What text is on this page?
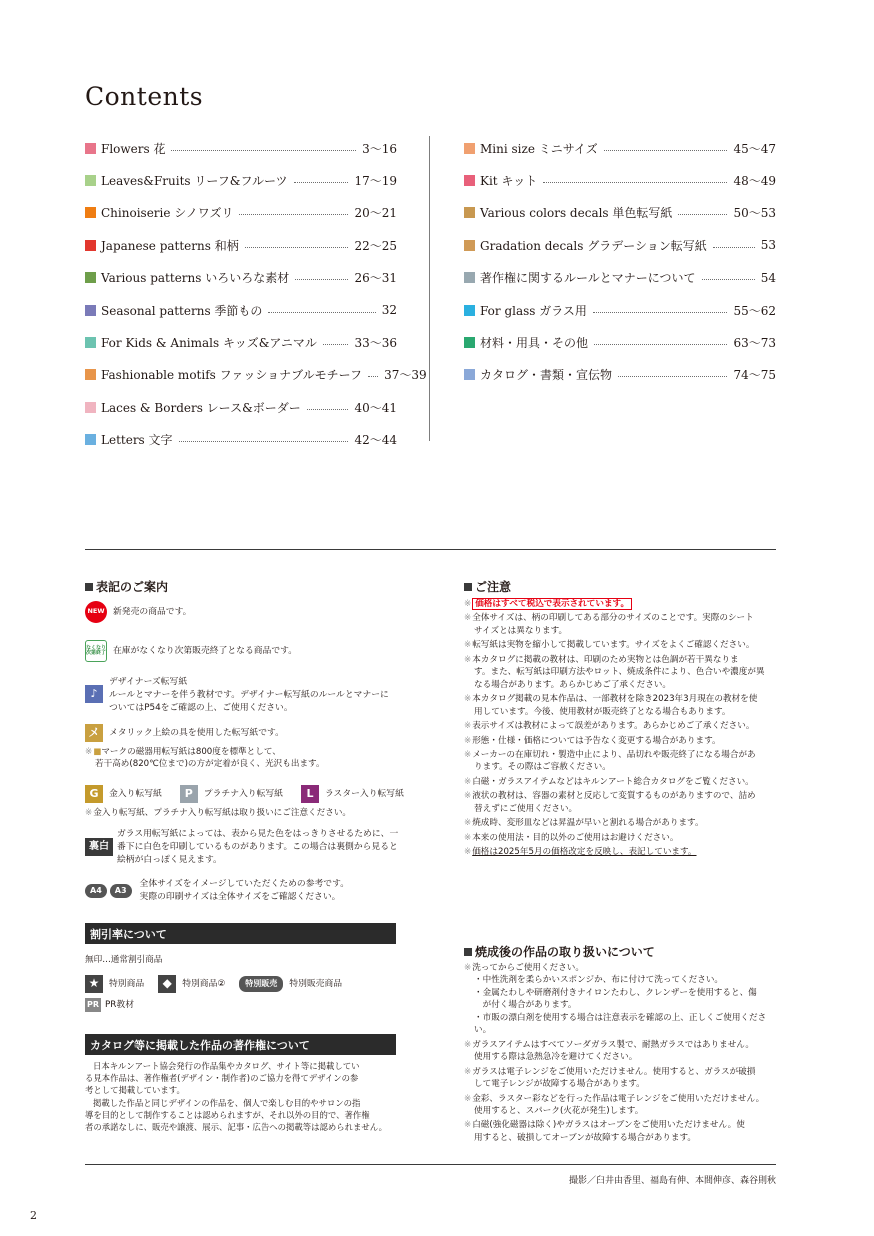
Contents
Flowers 花	3〜16
Leaves&Fruits リーフ&フルーツ	17〜19
Chinoiserie シノワズリ	20〜21
Japanese patterns 和柄	22〜25
Various patterns いろいろな素材	26〜31
Seasonal patterns 季節もの	32
For Kids & Animals キッズ&アニマル	33〜36
Fashionable motifs ファッショナブルモチーフ 37〜39
Laces & Borders レース&ボーダー	40〜41
Letters 文字	42〜44
Mini size ミニサイズ	45〜47
Kit キット	48〜49
Various colors decals 単色転写紙	50〜53
Gradation decals グラデーション転写紙	53
著作権に関するルールとマナーについて	54
For glass ガラス用	55〜62
材料・用具・その他	63〜73
カタログ・書類・宣伝物	74〜75
表記のご案内
NEW 新発売の商品です。
なくなり次第終了 在庫がなくなり次第販売終了となる商品です。
♪
デザイナーズ転写紙
ルールとマナーを伴う教材です。デザイナー転写紙のルールとマナーに
ついてはP54をご確認の上、ご使用ください。
メ	メタリック上絵の具を使用した転写紙です。
※■マークの磁器用転写紙は800度を標準として、
若干高め(820℃位まで)の方が定着が良く、光沢も出ます。
G	金入り転写紙	P	プラチナ入り転写紙	L	ラスター入り転写紙
※金入り転写紙、プラチナ入り転写紙は取り扱いにご注意ください。
裏白
ガラス用転写紙によっては、表から見た色をはっきりさせるために、一
番下に白色を印刷しているものがあります。この場合は裏側から見ると
絵柄が白っぽく見えます。
A4	A3
全体サイズをイメージしていただくための参考です。
実際の印刷サイズは全体サイズをご確認ください。
割引率について
無印…通常割引商品
★	特別商品	◆	特別商品②	特別販売	特別販売商品
PR PR教材
カタログ等に掲載した作品の著作権について
日本キルンアート協会発行の作品集やカタログ、サイト等に掲載してい
る見本作品は、著作権者(デザイン・制作者)のご協力を得てデザインの参
考として掲載しています。
掲載した作品と同じデザインの作品を、個人で楽しむ目的やサロンの指
導を目的として制作することは認められますが、それ以外の目的で、著作権
者の承諾なしに、販売や譲渡、展示、記事・広告への掲載等は認められません。
ご注意
※ 価格はすべて税込で表示されています。
※全体サイズは、柄の印刷してある部分のサイズのことです。実際のシート
サイズとは異なります。
※転写紙は実物を縮小して掲載しています。サイズをよくご確認ください。
※本カタログに掲載の教材は、印刷のため実物とは色調が若干異なりま
す。また、転写紙は印刷方法やロット、焼成条件により、色合いや濃度が異
なる場合があります。あらかじめご了承ください。
※本カタログ掲載の見本作品は、一部教材を除き2023年3月現在の教材を使
用しています。今後、使用教材が販売終了となる場合もあります。
※表示サイズは教材によって誤差があります。あらかじめご了承ください。
※形態・仕様・価格については予告なく変更する場合があります。
※メーカーの在庫切れ・製造中止により、品切れや販売終了になる場合があ
ります。その際はご容赦ください。
※白磁・ガラスアイテムなどはキルンアート総合カタログをご覧ください。
※液状の教材は、容器の素材と反応して変質するものがありますので、詰め
替えずにご使用ください。
※焼成時、変形皿などは昇温が早いと割れる場合があります。
※本来の使用法・目的以外のご使用はお避けください。
※価格は2025年5月の価格改定を反映し、表記しています。
焼成後の作品の取り扱いについて
※洗ってからご使用ください。
・中性洗剤を柔らかいスポンジか、布に付けて洗ってください。
・金属たわしや研磨剤付きナイロンたわし、クレンザーを使用すると、傷
　が付く場合があります。
・市販の漂白剤を使用する場合は注意表示を確認の上、正しくご使用ください。
※ガラスアイテムはすべてソーダガラス製で、耐熱ガラスではありません。
使用する際は急熱急冷を避けてください。
※ガラスは電子レンジをご使用いただけません。使用すると、ガラスが破損
して電子レンジが故障する場合があります。
※金彩、ラスター彩などを行った作品は電子レンジをご使用いただけません。
使用すると、スパーク(火花が発生)します。
※白磁(強化磁器は除く)やガラスはオーブンをご使用いただけません。使
用すると、破損してオーブンが故障する場合があります。
撮影／臼井由香里、福島有伸、本間伸彦、森谷則秋
2
